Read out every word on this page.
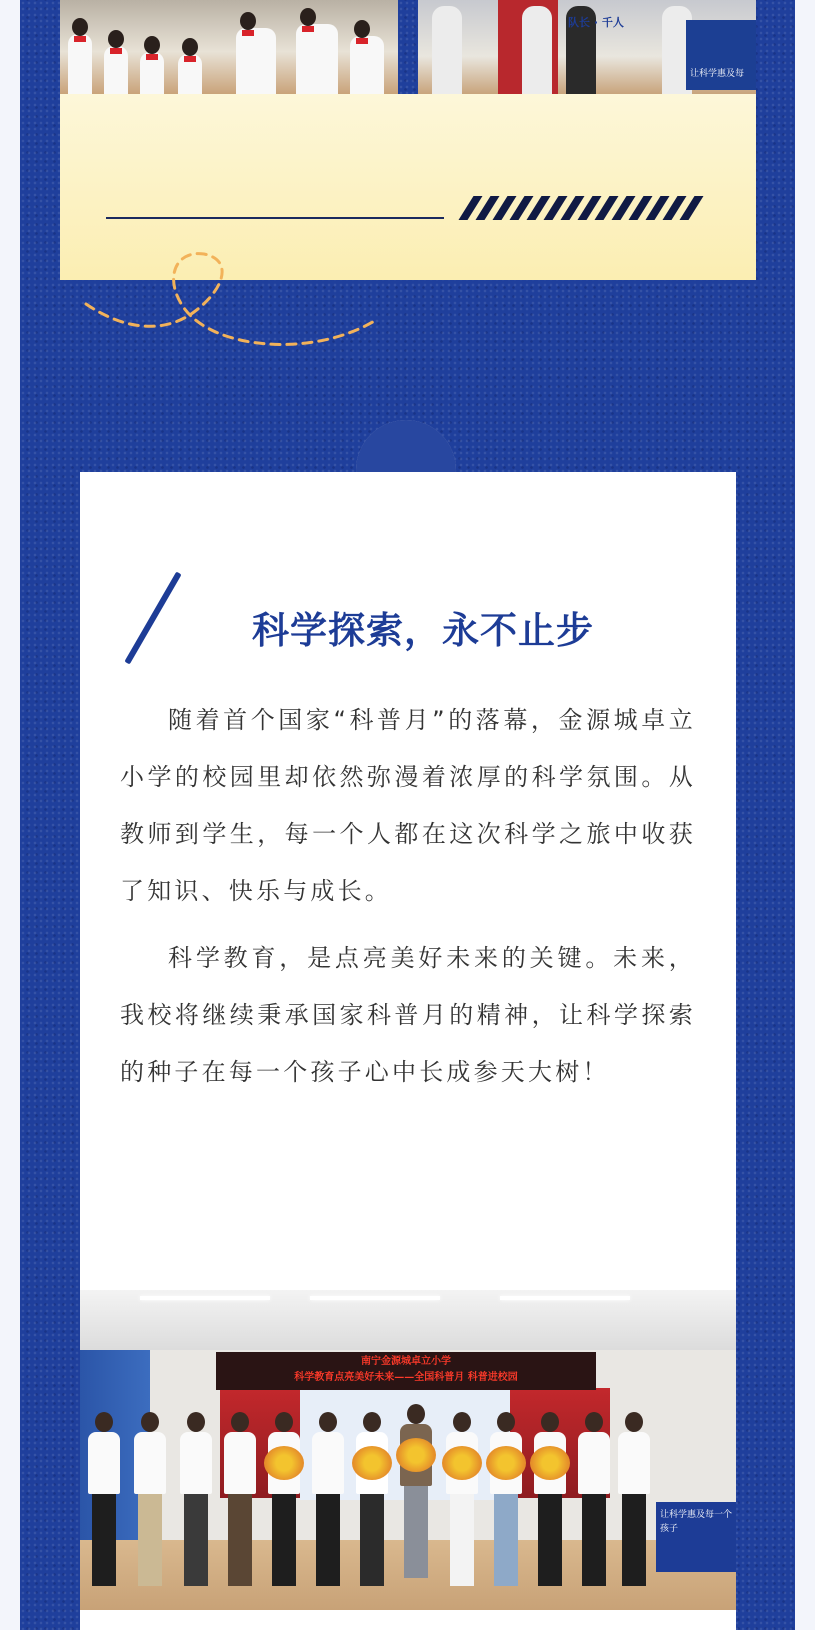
队长 · 千人
让科学惠及每
科学探索，永不止步

随着首个国家“科普月”的落幕，金源城卓立小学的校园里却依然弥漫着浓厚的科学氛围。从教师到学生，每一个人都在这次科学之旅中收获了知识、快乐与成长。

科学教育，是点亮美好未来的关键。未来，我校将继续秉承国家科普月的精神，让科学探索的种子在每一个孩子心中长成参天大树！

南宁金源城卓立小学
科学教育点亮美好未来——全国科普月 科普进校园
让科学惠及每一个孩子
